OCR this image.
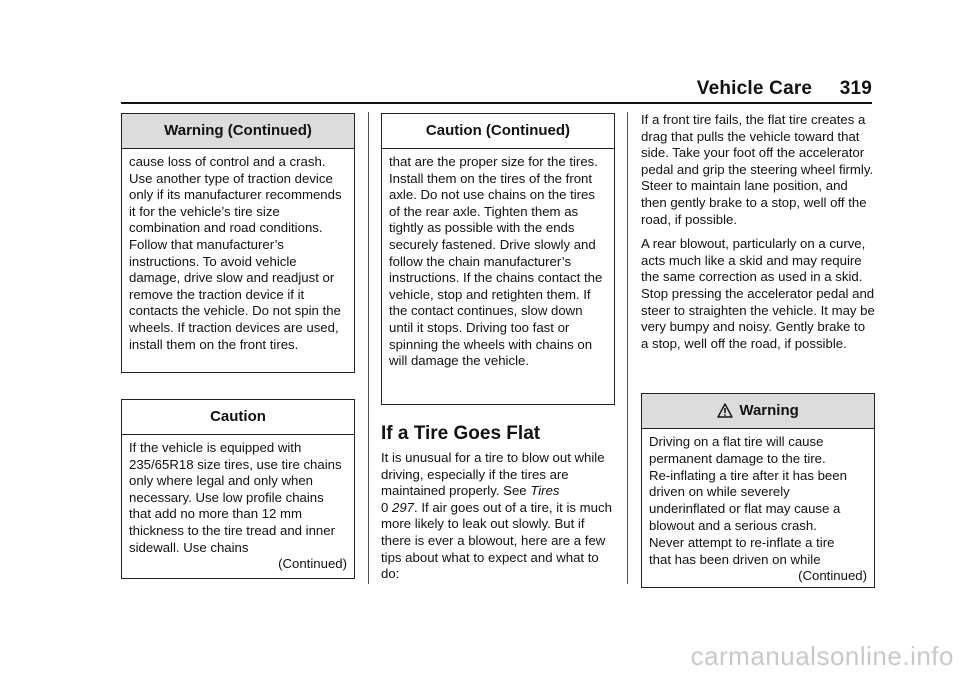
Vehicle Care 319
Warning (Continued)

cause loss of control and a crash. Use another type of traction device only if its manufacturer recommends it for the vehicle’s tire size combination and road conditions. Follow that manufacturer’s instructions. To avoid vehicle damage, drive slow and readjust or remove the traction device if it contacts the vehicle. Do not spin the wheels. If traction devices are used, install them on the front tires.

Caution

If the vehicle is equipped with 235/65R18 size tires, use tire chains only where legal and only when necessary. Use low profile chains that add no more than 12 mm thickness to the tire tread and inner sidewall. Use chains

(Continued)
Caution (Continued)

that are the proper size for the tires. Install them on the tires of the front axle. Do not use chains on the tires of the rear axle. Tighten them as tightly as possible with the ends securely fastened. Drive slowly and follow the chain manufacturer’s instructions. If the chains contact the vehicle, stop and retighten them. If the contact continues, slow down until it stops. Driving too fast or spinning the wheels with chains on will damage the vehicle.

If a Tire Goes Flat

It is unusual for a tire to blow out while driving, especially if the tires are maintained properly. See Tires
0 297. If air goes out of a tire, it is much more likely to leak out slowly. But if there is ever a blowout, here are a few tips about what to expect and what to do:

If a front tire fails, the flat tire creates a drag that pulls the vehicle toward that side. Take your foot off the accelerator pedal and grip the steering wheel firmly. Steer to maintain lane position, and then gently brake to a stop, well off the road, if possible.

A rear blowout, particularly on a curve, acts much like a skid and may require the same correction as used in a skid. Stop pressing the accelerator pedal and steer to straighten the vehicle. It may be very bumpy and noisy. Gently brake to a stop, well off the road, if possible.

Warning
Driving on a flat tire will cause
permanent damage to the tire.
Re-inflating a tire after it has been
driven on while severely
underinflated or flat may cause a
blowout and a serious crash.
Never attempt to re-inflate a tire
that has been driven on while
(Continued)
carmanualsonline.info
